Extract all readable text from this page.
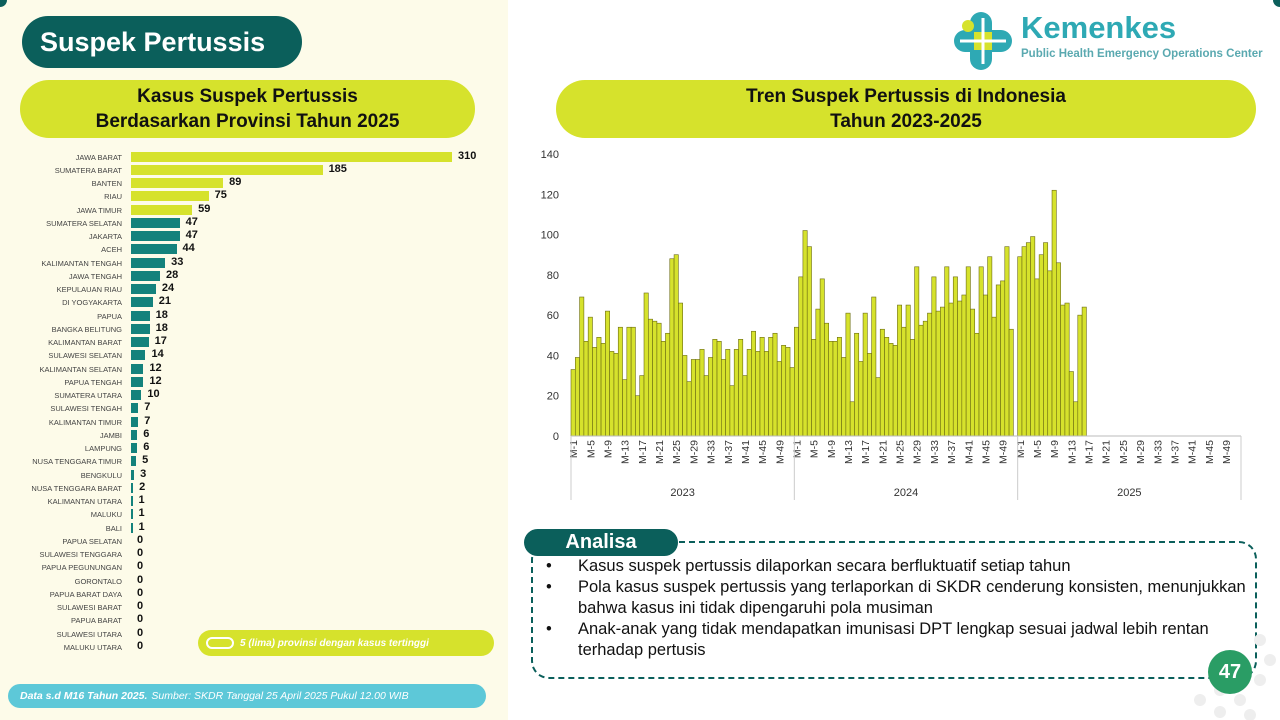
Suspek Pertussis	Kemenkes
Public Health Emergency Operations Center
Kasus Suspek Pertussis
Berdasarkan Provinsi Tahun 2025
Tren Suspek Pertussis di Indonesia
Tahun 2023-2025
JAWA BARAT	310
SUMATERA BARAT	185
BANTEN	89
RIAU	75
JAWA TIMUR	59
SUMATERA SELATAN	47
JAKARTA	47
ACEH	44
KALIMANTAN TENGAH	33
JAWA TENGAH	28
KEPULAUAN RIAU	24
DI YOGYAKARTA	21
PAPUA	18
BANGKA BELITUNG	18
KALIMANTAN BARAT	17
SULAWESI SELATAN	14
KALIMANTAN SELATAN 12
PAPUA TENGAH 12
SUMATERA UTARA 10
SULAWESI TENGAH 7
KALIMANTAN TIMUR 7
JAMBI 6
LAMPUNG 6
NUSA TENGGARA TIMUR 5
BENGKULU 3
NUSA TENGGARA BARAT 2
KALIMANTAN UTARA 1
MALUKU 1
BALI 1
PAPUA SELATAN 0
SULAWESI TENGGARA 0
PAPUA PEGUNUNGAN 0
GORONTALO 0
PAPUA BARAT DAYA 0
SULAWESI BARAT 0
PAPUA BARAT 0
SULAWESI UTARA 0
MALUKU UTARA 0	5 (lima) provinsi dengan kasus tertinggi
Data s.d M16 Tahun 2025. Sumber: SKDR Tanggal 25 April 2025 Pukul 12.00 WIB
0
20
40
60
80
100
120
140
M-1 M-5 M-9 M-13 M-17 M-21 M-25 M-29 M-33 M-37 M-41 M-45 M-49
2023
M-1 M-5 M-9 M-13 M-17 M-21 M-25 M-29 M-33 M-37 M-41 M-45 M-49
2024
M-1 M-5 M-9 M-13 M-17 M-21 M-25 M-29 M-33 M-37 M-41 M-45 M-49
2025
Analisa
• Kasus suspek pertussis dilaporkan secara berfluktuatif setiap tahun
• Pola kasus suspek pertussis yang terlaporkan di SKDR cenderung konsisten, menunjukkan bahwa kasus ini tidak dipengaruhi pola musiman
• Anak-anak yang tidak mendapatkan imunisasi DPT lengkap sesuai jadwal lebih rentan terhadap pertusis
47
